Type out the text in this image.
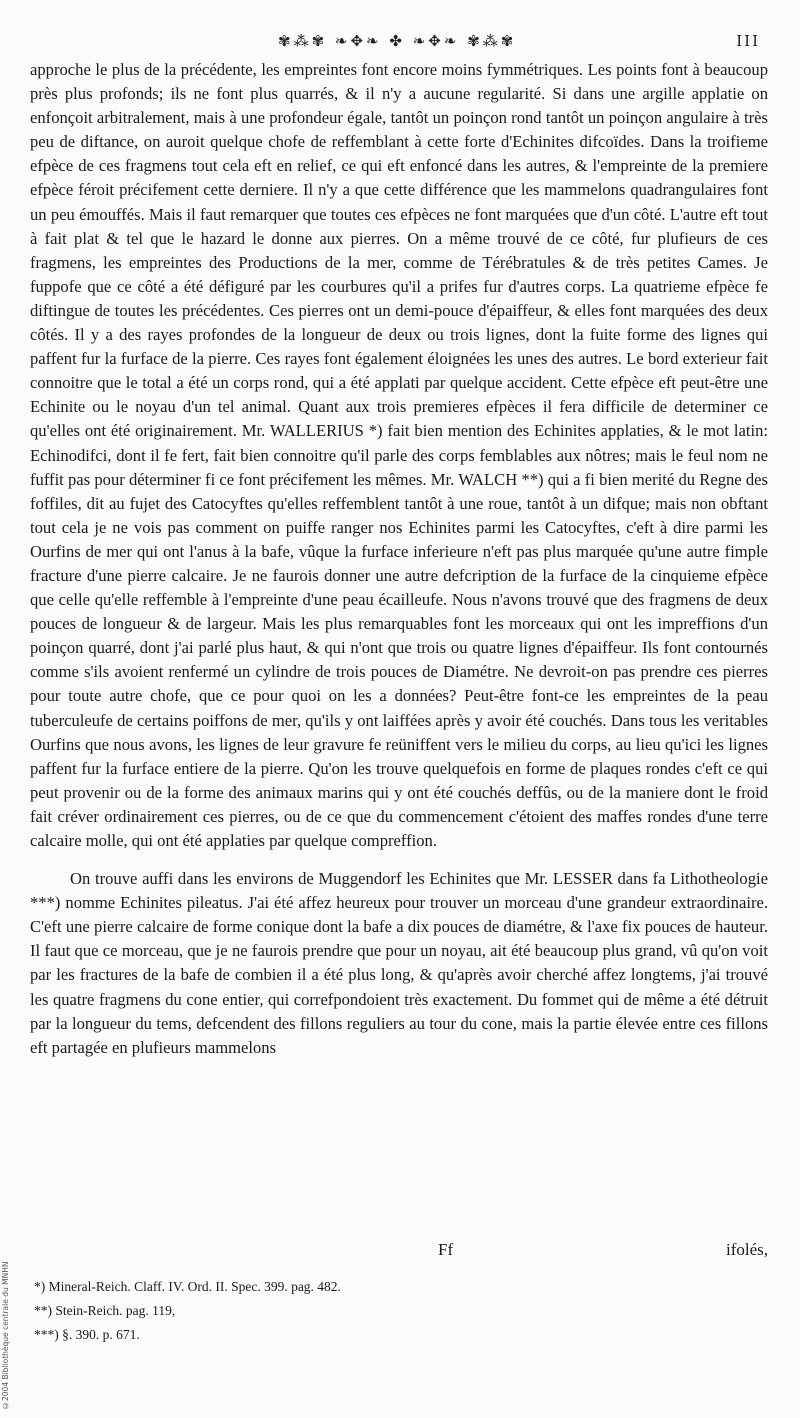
✾⁂✾ ❧✥❧ ✤ ❧✥❧ ✾⁂✾	III

approche le plus de la précédente, les empreintes font encore moins fymmétriques. Les points font à beaucoup près plus profonds; ils ne font plus quarrés, & il n'y a aucune regularité. Si dans une argille applatie on enfonçoit arbitralement, mais à une profondeur égale, tantôt un poinçon rond tantôt un poinçon angulaire à très peu de diftance, on auroit quelque chofe de reffemblant à cette forte d'Echinites difcoïdes. Dans la troifieme efpèce de ces fragmens tout cela eft en relief, ce qui eft enfoncé dans les autres, & l'empreinte de la premiere efpèce féroit précifement cette derniere. Il n'y a que cette différence que les mammelons quadrangulaires font un peu émouffés. Mais il faut remarquer que toutes ces efpèces ne font marquées que d'un côté. L'autre eft tout à fait plat & tel que le hazard le donne aux pierres. On a même trouvé de ce côté, fur plufieurs de ces fragmens, les empreintes des Productions de la mer, comme de Térébratules & de très petites Cames. Je fuppofe que ce côté a été défiguré par les courbures qu'il a prifes fur d'autres corps. La quatrieme efpèce fe diftingue de toutes les précédentes. Ces pierres ont un demi-pouce d'épaiffeur, & elles font marquées des deux côtés. Il y a des rayes profondes de la longueur de deux ou trois lignes, dont la fuite forme des lignes qui paffent fur la furface de la pierre. Ces rayes font également éloignées les unes des autres. Le bord exterieur fait connoitre que le total a été un corps rond, qui a été applati par quelque accident. Cette efpèce eft peut-être une Echinite ou le noyau d'un tel animal. Quant aux trois premieres efpèces il fera difficile de determiner ce qu'elles ont été originairement. Mr. WALLERIUS *) fait bien mention des Echinites applaties, & le mot latin: Echinodifci, dont il fe fert, fait bien connoitre qu'il parle des corps femblables aux nôtres; mais le feul nom ne fuffit pas pour déterminer fi ce font précifement les mêmes. Mr. WALCH **) qui a fi bien merité du Regne des foffiles, dit au fujet des Catocyftes qu'elles reffemblent tantôt à une roue, tantôt à un difque; mais non obftant tout cela je ne vois pas comment on puiffe ranger nos Echinites parmi les Catocyftes, c'eft à dire parmi les Ourfins de mer qui ont l'anus à la bafe, vûque la furface inferieure n'eft pas plus marquée qu'une autre fimple fracture d'une pierre calcaire. Je ne faurois donner une autre defcription de la furface de la cinquieme efpèce que celle qu'elle reffemble à l'empreinte d'une peau écailleufe. Nous n'avons trouvé que des fragmens de deux pouces de longueur & de largeur. Mais les plus remarquables font les morceaux qui ont les impreffions d'un poinçon quarré, dont j'ai parlé plus haut, & qui n'ont que trois ou quatre lignes d'épaiffeur. Ils font contournés comme s'ils avoient renfermé un cylindre de trois pouces de Diamétre. Ne devroit-on pas prendre ces pierres pour toute autre chofe, que ce pour quoi on les a données? Peut-être font-ce les empreintes de la peau tuberculeufe de certains poiffons de mer, qu'ils y ont laiffées après y avoir été couchés. Dans tous les veritables Ourfins que nous avons, les lignes de leur gravure fe reüniffent vers le milieu du corps, au lieu qu'ici les lignes paffent fur la furface entiere de la pierre. Qu'on les trouve quelquefois en forme de plaques rondes c'eft ce qui peut provenir ou de la forme des animaux marins qui y ont été couchés deffûs, ou de la maniere dont le froid fait créver ordinairement ces pierres, ou de ce que du commencement c'étoient des maffes rondes d'une terre calcaire molle, qui ont été applaties par quelque compreffion.

On trouve auffi dans les environs de Muggendorf les Echinites que Mr. LESSER dans fa Lithotheologie ***) nomme Echinites pileatus. J'ai été affez heureux pour trouver un morceau d'une grandeur extraordinaire. C'eft une pierre calcaire de forme conique dont la bafe a dix pouces de diamétre, & l'axe fix pouces de hauteur. Il faut que ce morceau, que je ne faurois prendre que pour un noyau, ait été beaucoup plus grand, vû qu'on voit par les fractures de la bafe de combien il a été plus long, & qu'après avoir cherché affez longtems, j'ai trouvé les quatre fragmens du cone entier, qui correfpondoient très exactement. Du fommet qui de même a été détruit par la longueur du tems, defcendent des fillons reguliers au tour du cone, mais la partie élevée entre ces fillons eft partagée en plufieurs mammelons

Ff	ifolés,
*) Mineral-Reich. Claff. IV. Ord. II. Spec. 399. pag. 482.
**) Stein-Reich. pag. 119,
***) §. 390. p. 671.
©2004 Bibliothèque centrale du MNHN
